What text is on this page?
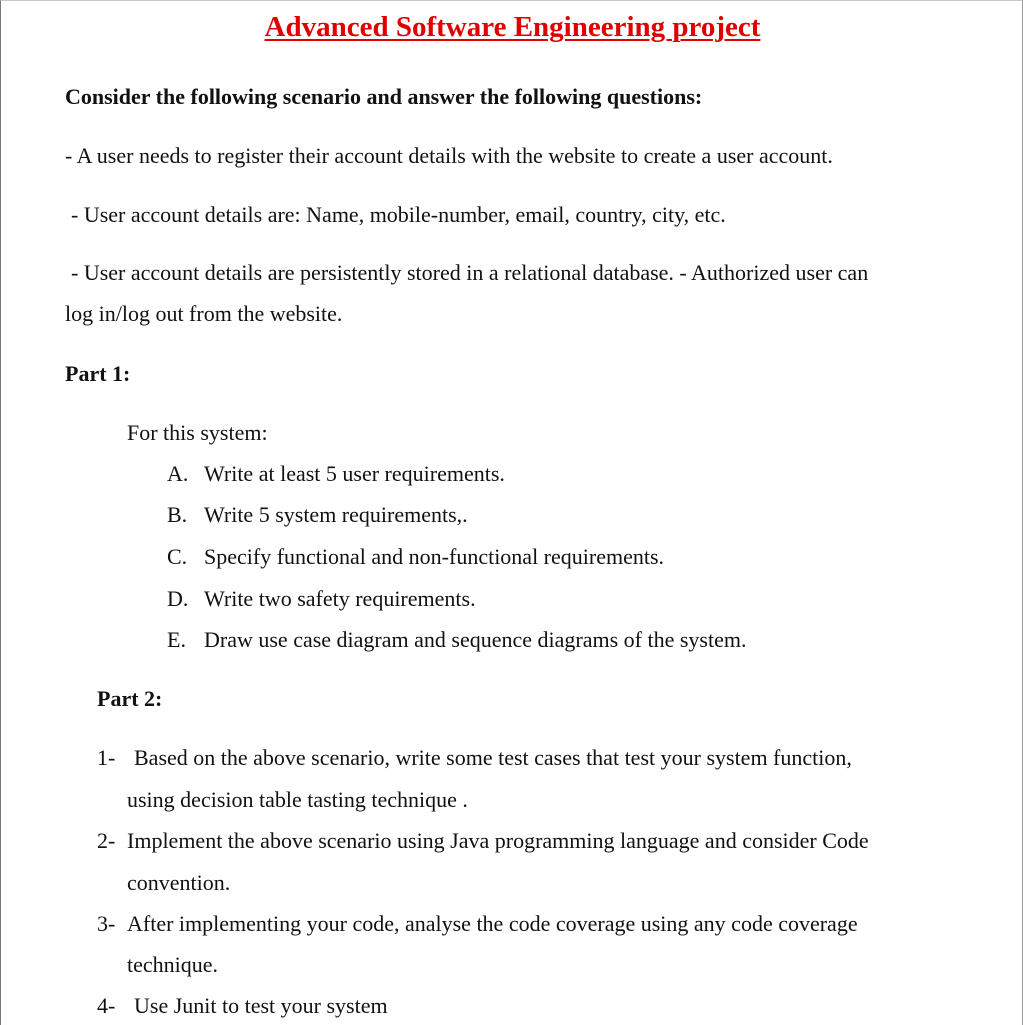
Advanced Software Engineering project
Consider the following scenario and answer the following questions:
- A user needs to register their account details with the website to create a user account.
- User account details are: Name, mobile-number, email, country, city, etc.
- User account details are persistently stored in a relational database. - Authorized user can
log in/log out from the website.
Part 1:
For this system:
A. Write at least 5 user requirements.
B. Write 5 system requirements,.
C. Specify functional and non-functional requirements.
D. Write two safety requirements.
E. Draw use case diagram and sequence diagrams of the system.
Part 2:
1- Based on the above scenario, write some test cases that test your system function,
using decision table tasting technique .
2- Implement the above scenario using Java programming language and consider Code
convention.
3- After implementing your code, analyse the code coverage using any code coverage
technique.
4- Use Junit to test your system
